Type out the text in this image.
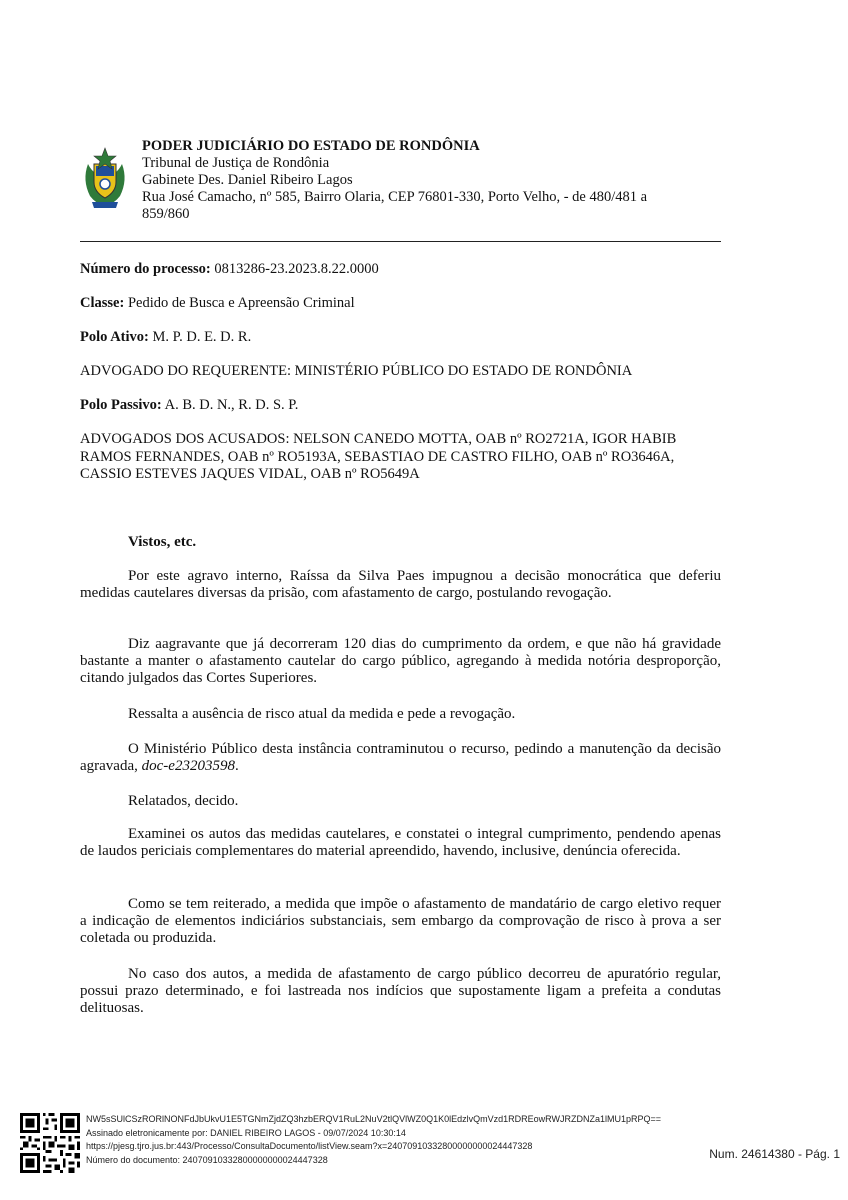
PODER JUDICIÁRIO DO ESTADO DE RONDÔNIA
Tribunal de Justiça de Rondônia
Gabinete Des. Daniel Ribeiro Lagos
Rua José Camacho, nº 585, Bairro Olaria, CEP 76801-330, Porto Velho, - de 480/481 a
859/860
Número do processo: 0813286-23.2023.8.22.0000
Classe: Pedido de Busca e Apreensão Criminal
Polo Ativo: M. P. D. E. D. R.
ADVOGADO DO REQUERENTE: MINISTÉRIO PÚBLICO DO ESTADO DE RONDÔNIA
Polo Passivo: A. B. D. N., R. D. S. P.
ADVOGADOS DOS ACUSADOS: NELSON CANEDO MOTTA, OAB nº RO2721A, IGOR HABIB RAMOS FERNANDES, OAB nº RO5193A, SEBASTIAO DE CASTRO FILHO, OAB nº RO3646A, CASSIO ESTEVES JAQUES VIDAL, OAB nº RO5649A
Vistos, etc.

Por este agravo interno, Raíssa da Silva Paes impugnou a decisão monocrática que deferiu medidas cautelares diversas da prisão, com afastamento de cargo, postulando revogação.

Diz aagravante que já decorreram 120 dias do cumprimento da ordem, e que não há gravidade bastante a manter o afastamento cautelar do cargo público, agregando à medida notória desproporção, citando julgados das Cortes Superiores.

Ressalta a ausência de risco atual da medida e pede a revogação.

O Ministério Público desta instância contraminutou o recurso, pedindo a manutenção da decisão agravada, doc-e23203598.

Relatados, decido.

Examinei os autos das medidas cautelares, e constatei o integral cumprimento, pendendo apenas de laudos periciais complementares do material apreendido, havendo, inclusive, denúncia oferecida.

Como se tem reiterado, a medida que impõe o afastamento de mandatário de cargo eletivo requer a indicação de elementos indiciários substanciais, sem embargo da comprovação de risco à prova a ser coletada ou produzida.

No caso dos autos, a medida de afastamento de cargo público decorreu de apuratório regular, possui prazo determinado, e foi lastreada nos indícios que supostamente ligam a prefeita a condutas delituosas.

NW5sSUlCSzRORlNONFdJbUkvU1E5TGNmZjdZQ3hzbERQV1RuL2NuV2tlQVlWZ0Q1K0lEdzlvQmVzd1RDREowRWJRZDNZa1lMU1pRPQ==
Assinado eletronicamente por: DANIEL RIBEIRO LAGOS - 09/07/2024 10:30:14
https://pjesg.tjro.jus.br:443/Processo/ConsultaDocumento/listView.seam?x=24070910332800000000024447328
Número do documento: 24070910332800000000024447328	Num. 24614380 - Pág. 1
